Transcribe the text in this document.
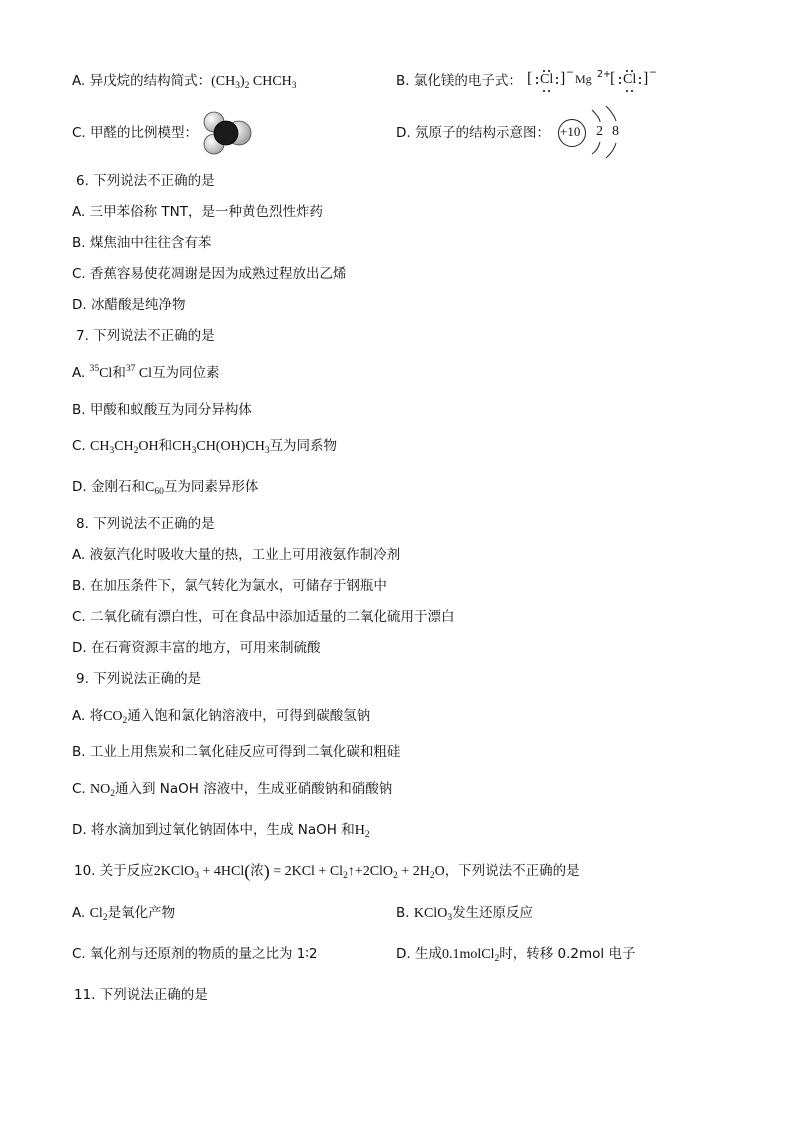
A. 异戊烷的结构简式：$(CH_3)_2$ $CHCH_3$	B. 氯化镁的电子式： [ Cl ] − Mg 2+
[ Cl ] −
C. 甲醛的比例模型：	D. 氖原子的结构示意图： +10 2 8
6. 下列说法不正确的是
A. 三甲苯俗称 TNT，是一种黄色烈性炸药
B. 煤焦油中往往含有苯
C. 香蕉容易使花凋谢是因为成熟过程放出乙烯
D. 冰醋酸是纯净物
7. 下列说法不正确的是
A. $^{35}$Cl和$^{37}$ Cl互为同位素
B. 甲酸和蚁酸互为同分异构体
C. $CH_3CH_2OH$和$CH_3CH(OH)CH_3$互为同系物
D. 金刚石和$C_{60}$互为同素异形体
8. 下列说法不正确的是
A. 液氨汽化时吸收大量的热，工业上可用液氨作制冷剂
B. 在加压条件下，氯气转化为氯水，可储存于钢瓶中
C. 二氧化硫有漂白性，可在食品中添加适量的二氧化硫用于漂白
D. 在石膏资源丰富的地方，可用来制硫酸
9. 下列说法正确的是
A. 将$CO_2$通入饱和氯化钠溶液中，可得到碳酸氢钠
B. 工业上用焦炭和二氧化硅反应可得到二氧化碳和粗硅
C. $NO_2$通入到 NaOH 溶液中，生成亚硝酸钠和硝酸钠
D. 将水滴加到过氧化钠固体中，生成 NaOH 和$H_2$
10. 关于反应2KClO$_3$ + 4HCl(浓) = $2KCl + Cl_2↑+2ClO_2 + 2H_2O$，下列说法不正确的是
A. $Cl_2$是氧化产物	B. KClO$_3$发生还原反应
C. 氧化剂与还原剂的物质的量之比为 1∶2	D. 生成0.1molCl$_2$时，转移 0.2mol 电子
11. 下列说法正确的是
